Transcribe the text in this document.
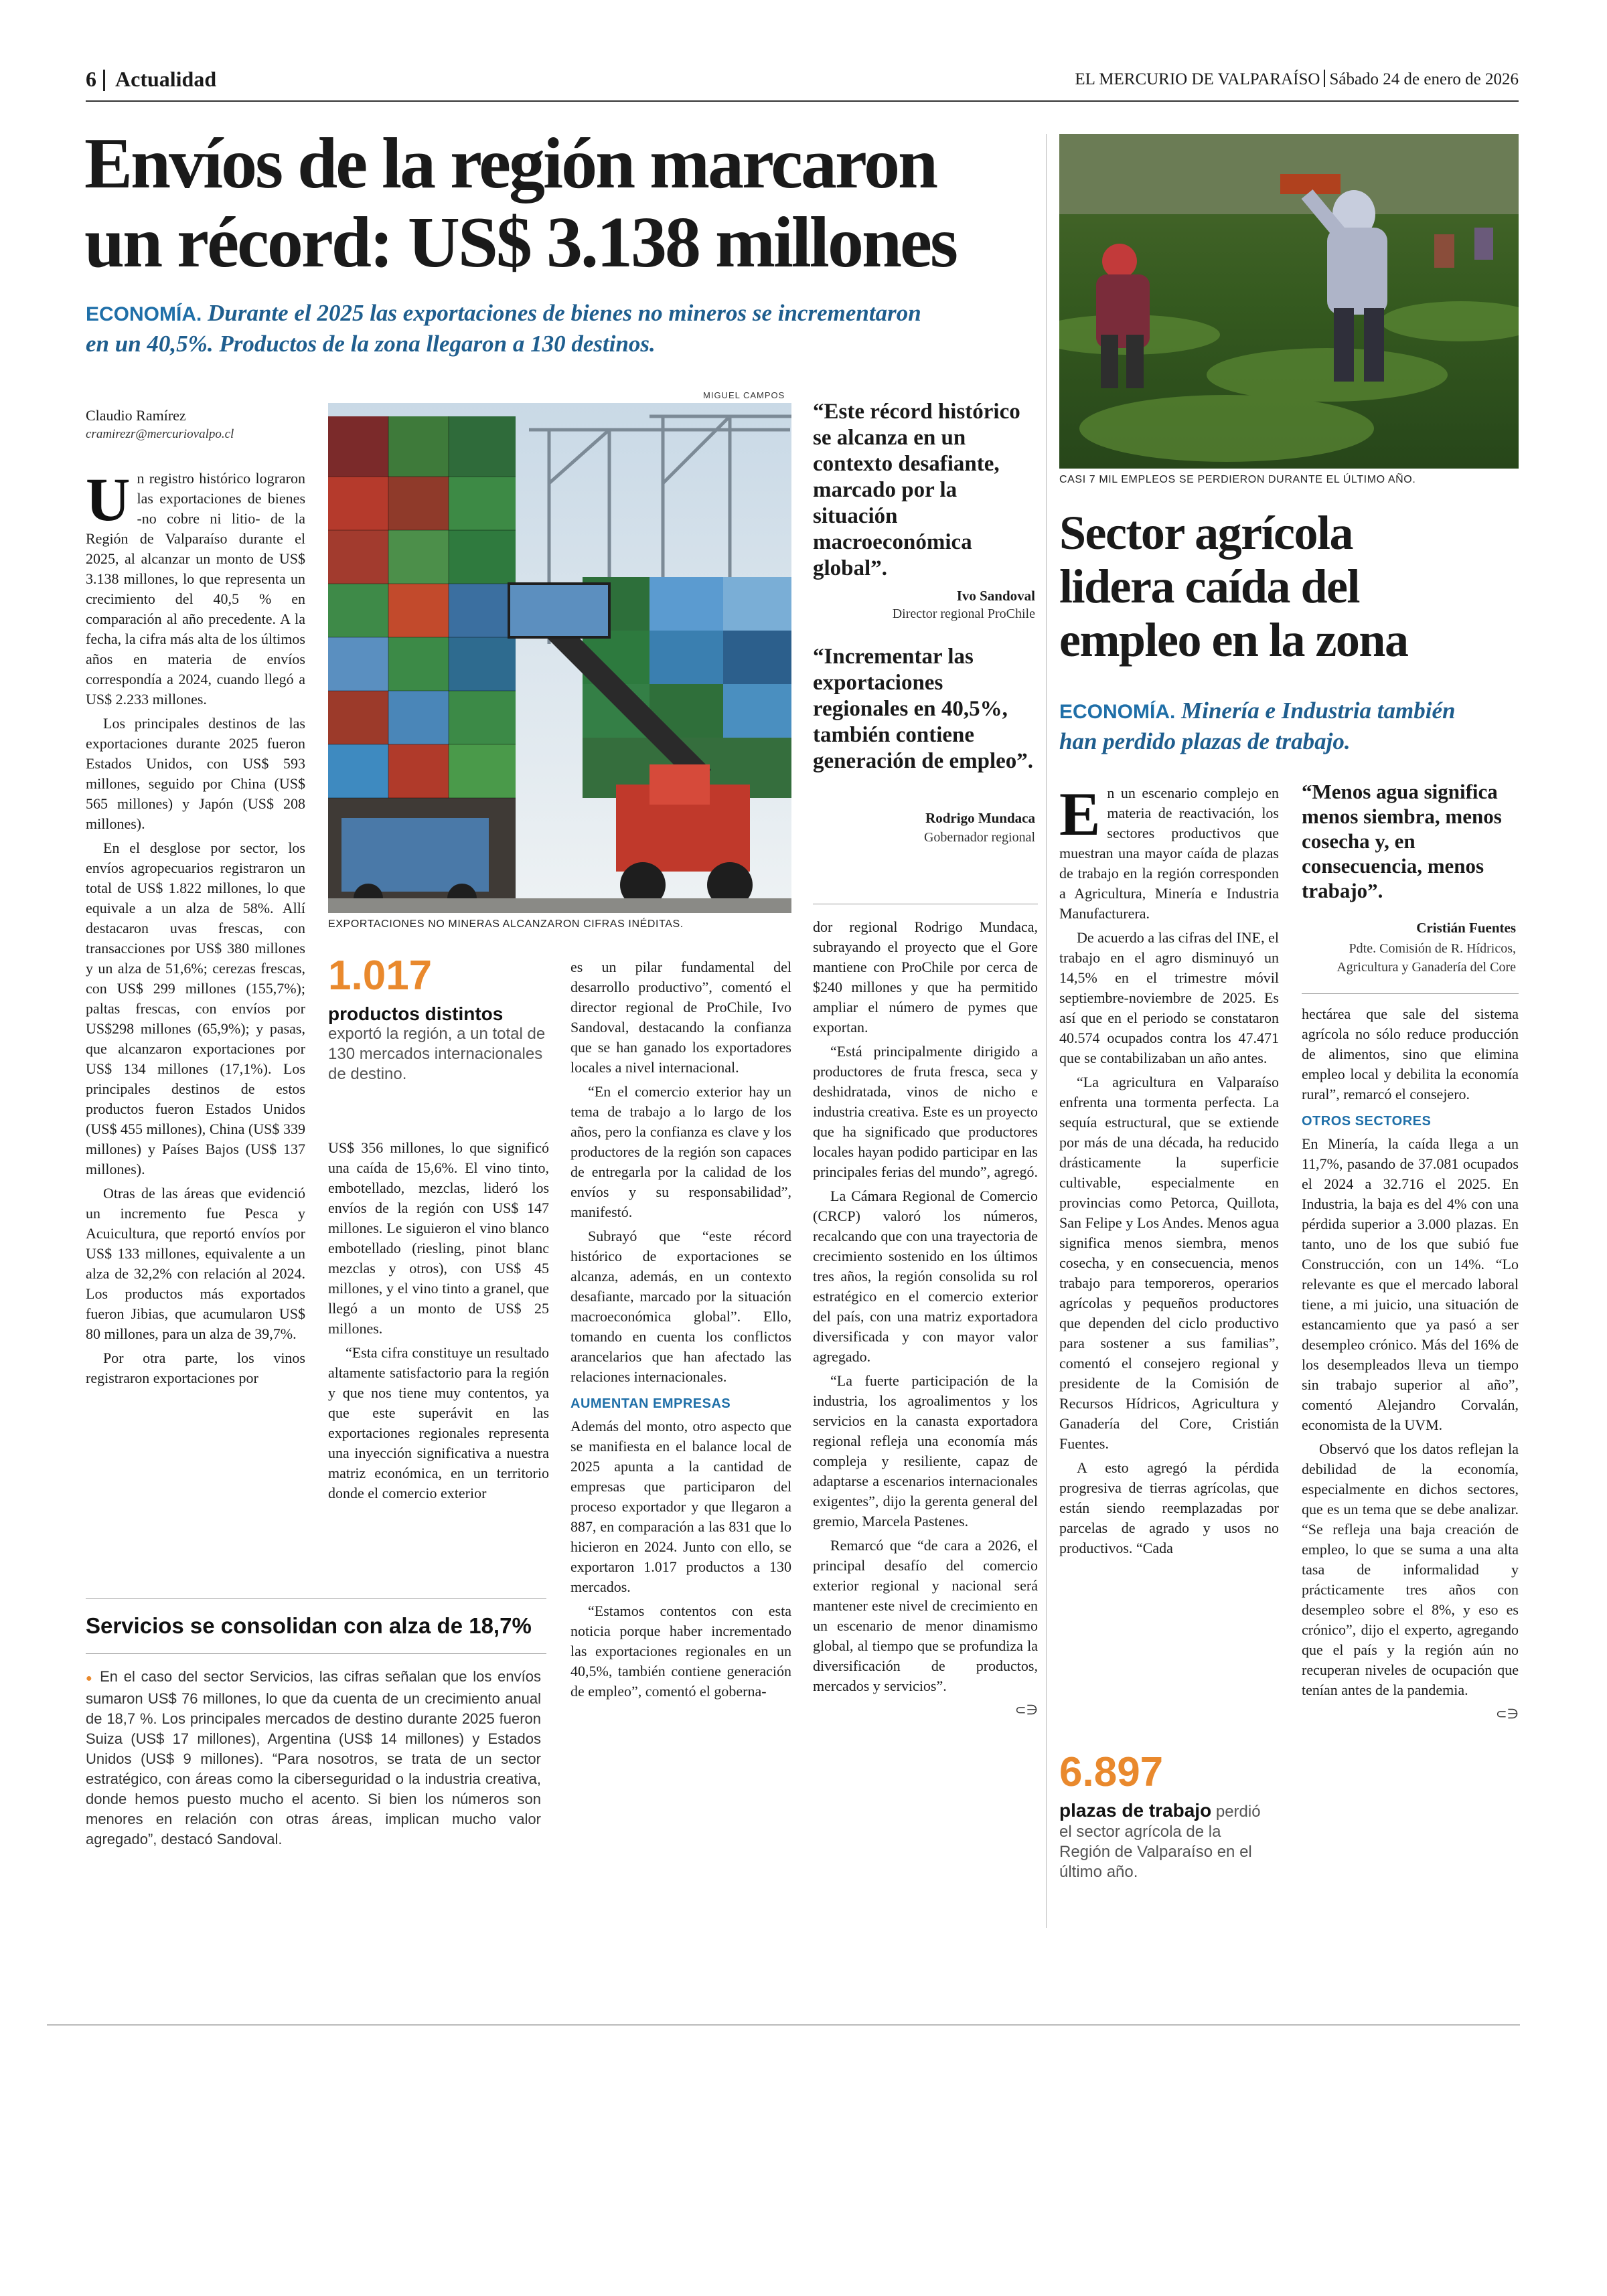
6 Actualidad	EL MERCURIO DE VALPARAÍSO Sábado 24 de enero de 2026
Envíos de la región marcaron
un récord: US$ 3.138 millones
ECONOMÍA. Durante el 2025 las exportaciones de bienes no mineros se incrementaron
en un 40,5%. Productos de la zona llegaron a 130 destinos.
Claudio Ramírez
cramirezr@mercuriovalpo.cl

Un registro histórico lograron las exportaciones de bienes -no cobre ni litio- de la Región de Valparaíso durante el 2025, al alcanzar un monto de US$ 3.138 millones, lo que representa un crecimiento del 40,5 % en comparación al año precedente. A la fecha, la cifra más alta de los últimos años en materia de envíos correspondía a 2024, cuando llegó a US$ 2.233 millones.

Los principales destinos de las exportaciones durante 2025 fueron Estados Unidos, con US$ 593 millones, seguido por China (US$ 565 millones) y Japón (US$ 208 millones).

En el desglose por sector, los envíos agropecuarios registraron un total de US$ 1.822 millones, lo que equivale a un alza de 58%. Allí destacaron uvas frescas, con transacciones por US$ 380 millones y un alza de 51,6%; cerezas frescas, con US$ 299 millones (155,7%); paltas frescas, con envíos por US$298 millones (65,9%); y pasas, que alcanzaron exportaciones por US$ 134 millones (17,1%). Los principales destinos de estos productos fueron Estados Unidos (US$ 455 millones), China (US$ 339 millones) y Países Bajos (US$ 137 millones).

Otras de las áreas que evidenció un incremento fue Pesca y Acuicultura, que reportó envíos por US$ 133 millones, equivalente a un alza de 32,2% con relación al 2024. Los productos más exportados fueron Jibias, que acumularon US$ 80 millones, para un alza de 39,7%.

Por otra parte, los vinos registraron exportaciones por

MIGUEL CAMPOS
EXPORTACIONES NO MINERAS ALCANZARON CIFRAS INÉDITAS.
1.017
productos distintos
exportó la región, a un total de 130 mercados internacionales de destino.

US$ 356 millones, lo que significó una caída de 15,6%. El vino tinto, embotellado, mezclas, lideró los envíos de la región con US$ 147 millones. Le siguieron el vino blanco embotellado (riesling, pinot blanc mezclas y otros), con US$ 45 millones, y el vino tinto a granel, que llegó a un monto de US$ 25 millones.

“Esta cifra constituye un resultado altamente satisfactorio para la región y que nos tiene muy contentos, ya que este superávit en las exportaciones regionales representa una inyección significativa a nuestra matriz económica, en un territorio donde el comercio exterior

es un pilar fundamental del desarrollo productivo”, comentó el director regional de ProChile, Ivo Sandoval, destacando la confianza que se han ganado los exportadores locales a nivel internacional.

“En el comercio exterior hay un tema de trabajo a lo largo de los años, pero la confianza es clave y los productores de la región son capaces de entregarla por la calidad de los envíos y su responsabilidad”, manifestó.

Subrayó que “este récord histórico de exportaciones se alcanza, además, en un contexto desafiante, marcado por la situación macroeconómica global”. Ello, tomando en cuenta los conflictos arancelarios que han afectado las relaciones internacionales.

AUMENTAN EMPRESAS

Además del monto, otro aspecto que se manifiesta en el balance local de 2025 apunta a la cantidad de empresas que participaron del proceso exportador y que llegaron a 887, en comparación a las 831 que lo hicieron en 2024. Junto con ello, se exportaron 1.017 productos a 130 mercados.

“Estamos contentos con esta noticia porque haber incrementado las exportaciones regionales en un 40,5%, también contiene generación de empleo”, comentó el goberna-

“Este récord histórico se alcanza en un contexto desafiante, marcado por la situación macroeconómica global”.
Ivo Sandoval
Director regional ProChile
“Incrementar las exportaciones regionales en 40,5%, también contiene generación de empleo”.
Rodrigo Mundaca
Gobernador regional

dor regional Rodrigo Mundaca, subrayando el proyecto que el Gore mantiene con ProChile por cerca de $240 millones y que ha permitido ampliar el número de pymes que exportan.

“Está principalmente dirigido a productores de fruta fresca, seca y deshidratada, vinos de nicho e industria creativa. Este es un proyecto que ha significado que productores locales hayan podido participar en las principales ferias del mundo”, agregó.

La Cámara Regional de Comercio (CRCP) valoró los números, recalcando que con una trayectoria de crecimiento sostenido en los últimos tres años, la región consolida su rol estratégico en el comercio exterior del país, con una matriz exportadora diversificada y con mayor valor agregado.

“La fuerte participación de la industria, los agroalimentos y los servicios en la canasta exportadora regional refleja una economía más compleja y resiliente, capaz de adaptarse a escenarios internacionales exigentes”, dijo la gerenta general del gremio, Marcela Pastenes.

Remarcó que “de cara a 2026, el principal desafío del comercio exterior regional y nacional será mantener este nivel de crecimiento en un escenario de menor dinamismo global, al tiempo que se profundiza la diversificación de productos, mercados y servicios”.

⊂∋
Servicios se consolidan con alza de 18,7%
● En el caso del sector Servicios, las cifras señalan que los envíos sumaron US$ 76 millones, lo que da cuenta de un crecimiento anual de 18,7 %. Los principales mercados de destino durante 2025 fueron Suiza (US$ 17 millones), Argentina (US$ 14 millones) y Estados Unidos (US$ 9 millones). “Para nosotros, se trata de un sector estratégico, con áreas como la ciberseguridad o la industria creativa, donde hemos puesto mucho el acento. Si bien los números son menores en relación con otras áreas, implican mucho valor agregado”, destacó Sandoval.
CASI 7 MIL EMPLEOS SE PERDIERON DURANTE EL ÚLTIMO AÑO.
Sector agrícola
lidera caída del
empleo en la zona
ECONOMÍA. Minería e Industria también
han perdido plazas de trabajo.

En un escenario complejo en materia de reactivación, los sectores productivos que muestran una mayor caída de plazas de trabajo en la región corresponden a Agricultura, Minería e Industria Manufacturera.

De acuerdo a las cifras del INE, el trabajo en el agro disminuyó un 14,5% en el trimestre móvil septiembre-noviembre de 2025. Es así que en el periodo se constataron 40.574 ocupados contra los 47.471 que se contabilizaban un año antes.

“La agricultura en Valparaíso enfrenta una tormenta perfecta. La sequía estructural, que se extiende por más de una década, ha reducido drásticamente la superficie cultivable, especialmente en provincias como Petorca, Quillota, San Felipe y Los Andes. Menos agua significa menos siembra, menos cosecha, y en consecuencia, menos trabajo para temporeros, operarios agrícolas y pequeños productores que dependen del ciclo productivo para sostener a sus familias”, comentó el consejero regional y presidente de la Comisión de Recursos Hídricos, Agricultura y Ganadería del Core, Cristián Fuentes.

A esto agregó la pérdida progresiva de tierras agrícolas, que están siendo reemplazadas por parcelas de agrado y usos no productivos. “Cada

6.897
plazas de trabajo perdió el sector agrícola de la Región de Valparaíso en el último año.
“Menos agua significa menos siembra, menos cosecha y, en consecuencia, menos trabajo”.
Cristián Fuentes
Pdte. Comisión de R. Hídricos,
Agricultura y Ganadería del Core

hectárea que sale del sistema agrícola no sólo reduce producción de alimentos, sino que elimina empleo local y debilita la economía rural”, remarcó el consejero.

OTROS SECTORES

En Minería, la caída llega a un 11,7%, pasando de 37.081 ocupados el 2024 a 32.716 el 2025. En Industria, la baja es del 4% con una pérdida superior a 3.000 plazas. En tanto, uno de los que subió fue Construcción, con un 14%. “Lo relevante es que el mercado laboral tiene, a mi juicio, una situación de estancamiento que ya pasó a ser desempleo crónico. Más del 16% de los desempleados lleva un tiempo sin trabajo superior al año”, comentó Alejandro Corvalán, economista de la UVM.

Observó que los datos reflejan la debilidad de la economía, especialmente en dichos sectores, que es un tema que se debe analizar. “Se refleja una baja creación de empleo, lo que se suma a una alta tasa de informalidad y prácticamente tres años con desempleo sobre el 8%, y eso es crónico”, dijo el experto, agregando que el país y la región aún no recuperan niveles de ocupación que tenían antes de la pandemia.

⊂∋
